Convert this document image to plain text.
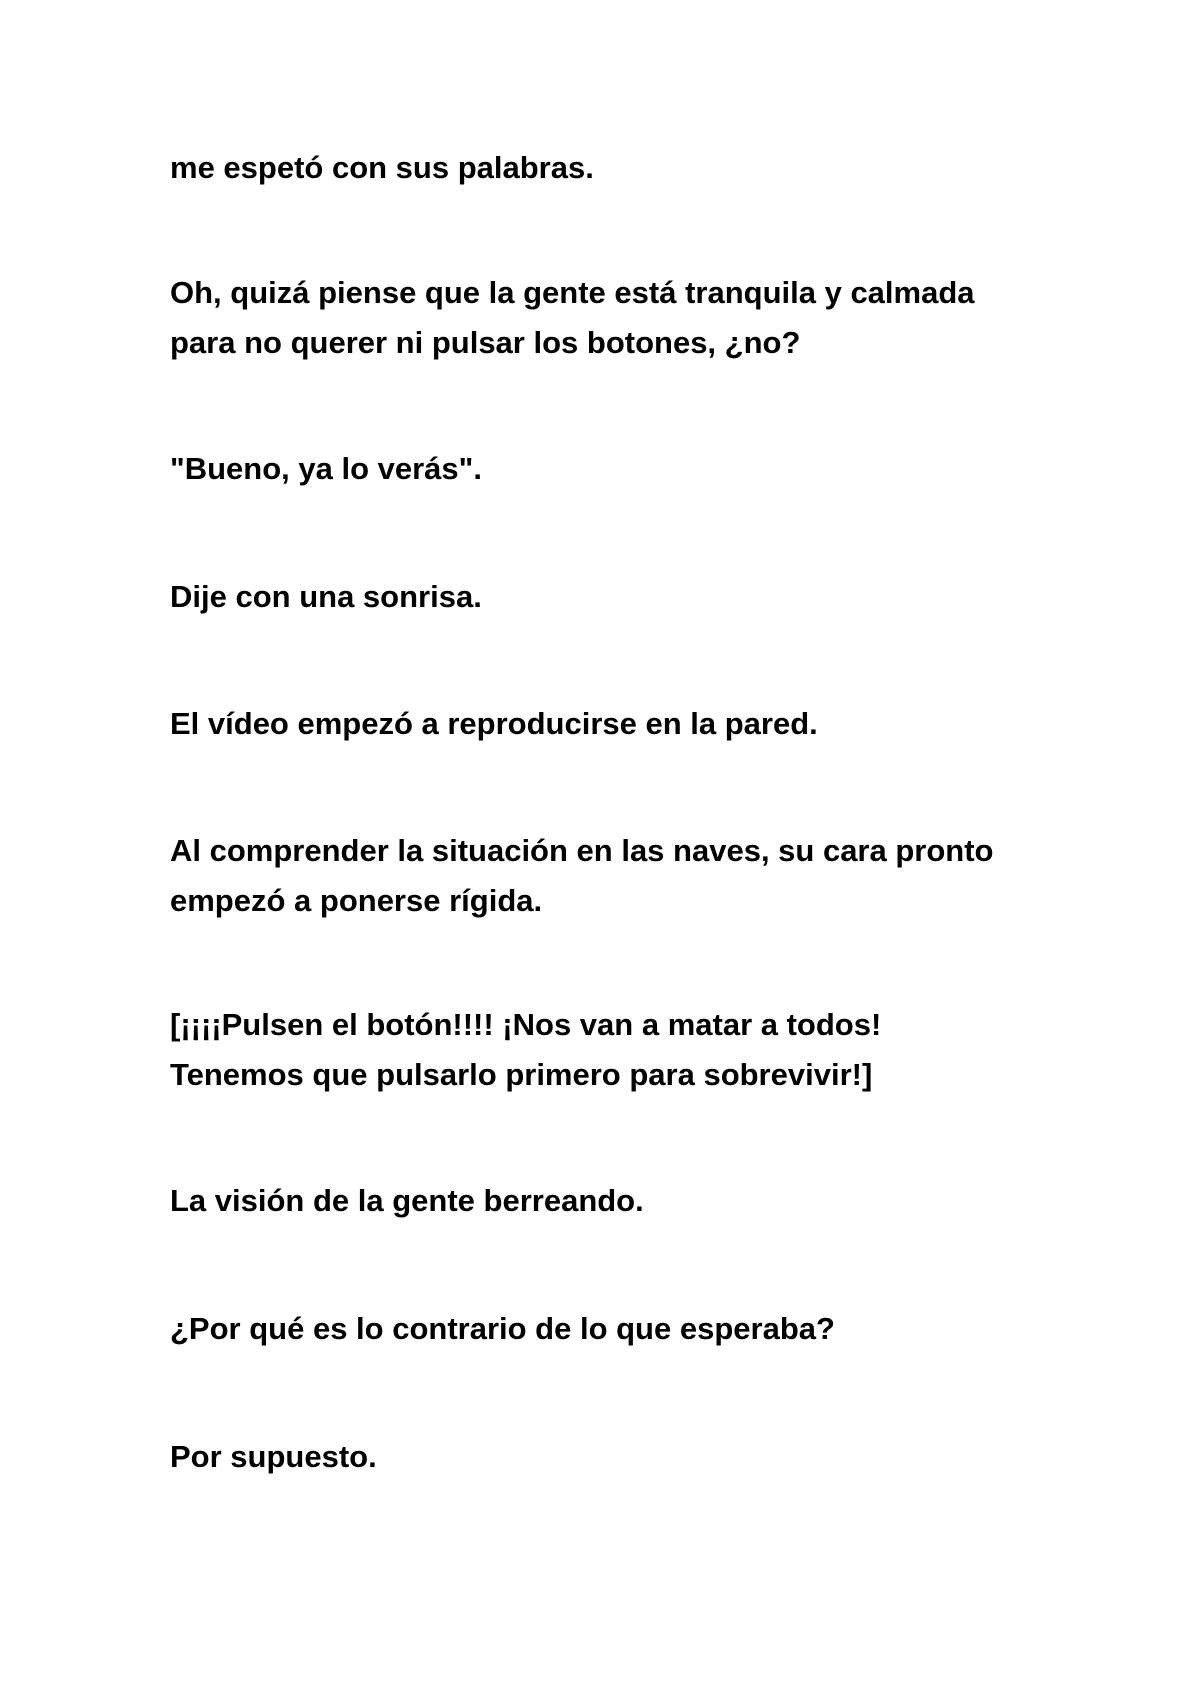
me espetó con sus palabras.

Oh, quizá piense que la gente está tranquila y calmada
para no querer ni pulsar los botones, ¿no?

"Bueno, ya lo verás".

Dije con una sonrisa.

El vídeo empezó a reproducirse en la pared.

Al comprender la situación en las naves, su cara pronto
empezó a ponerse rígida.

[¡¡¡¡Pulsen el botón!!!! ¡Nos van a matar a todos!
Tenemos que pulsarlo primero para sobrevivir!]

La visión de la gente berreando.

¿Por qué es lo contrario de lo que esperaba?

Por supuesto.
